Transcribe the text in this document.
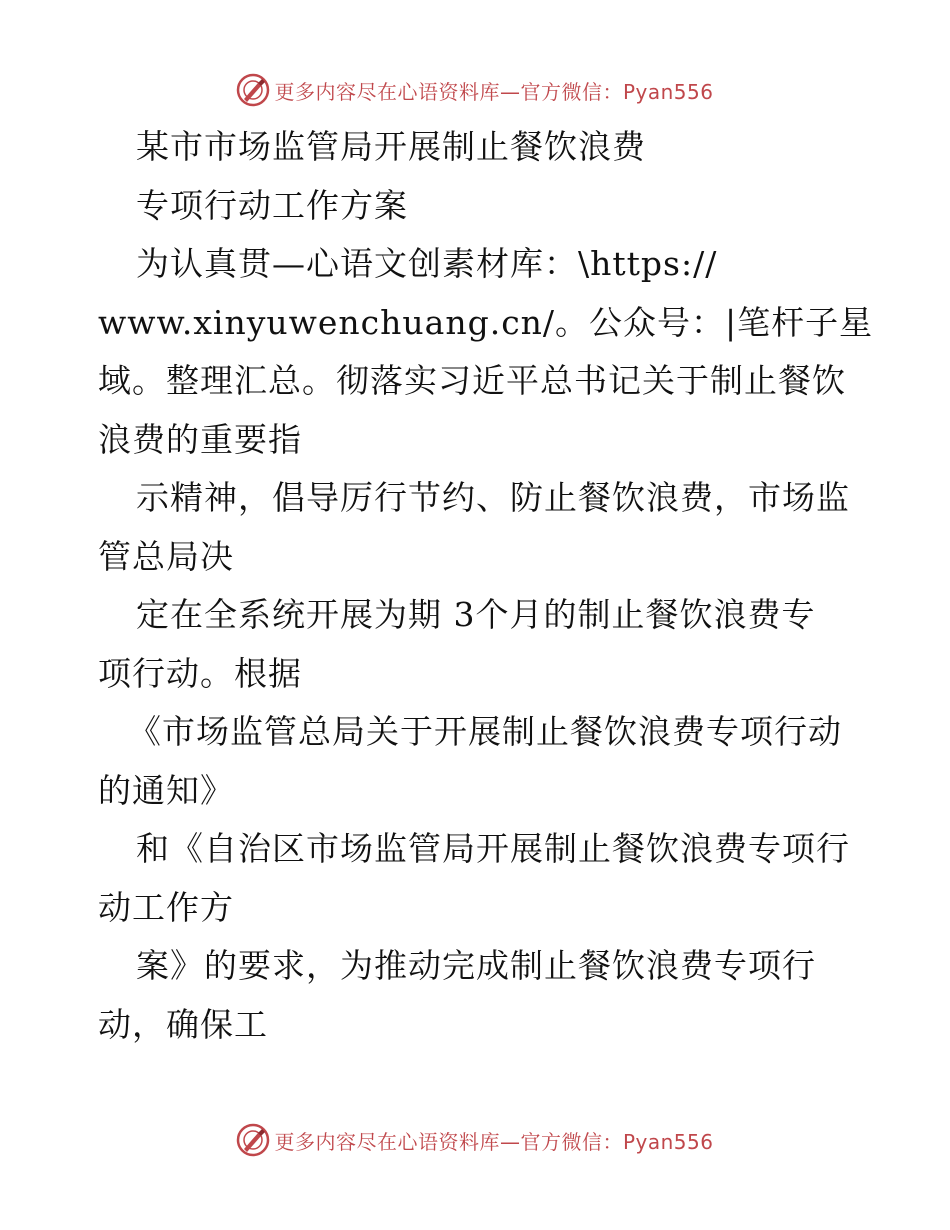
更多内容尽在心语资料库—官方微信：Pyan556
某市市场监管局开展制止餐饮浪费
专项行动工作方案
为认真贯—心语文创素材库：\https://
www.xinyuwenchuang.cn/。公众号：|笔杆子星
域。整理汇总。彻落实习近平总书记关于制止餐饮
浪费的重要指
示精神，倡导厉行节约、防止餐饮浪费，市场监
管总局决
定在全系统开展为期 3个月的制止餐饮浪费专
项行动。根据
《市场监管总局关于开展制止餐饮浪费专项行动
的通知》
和《自治区市场监管局开展制止餐饮浪费专项行
动工作方
案》的要求，为推动完成制止餐饮浪费专项行
动，确保工
更多内容尽在心语资料库—官方微信：Pyan556
